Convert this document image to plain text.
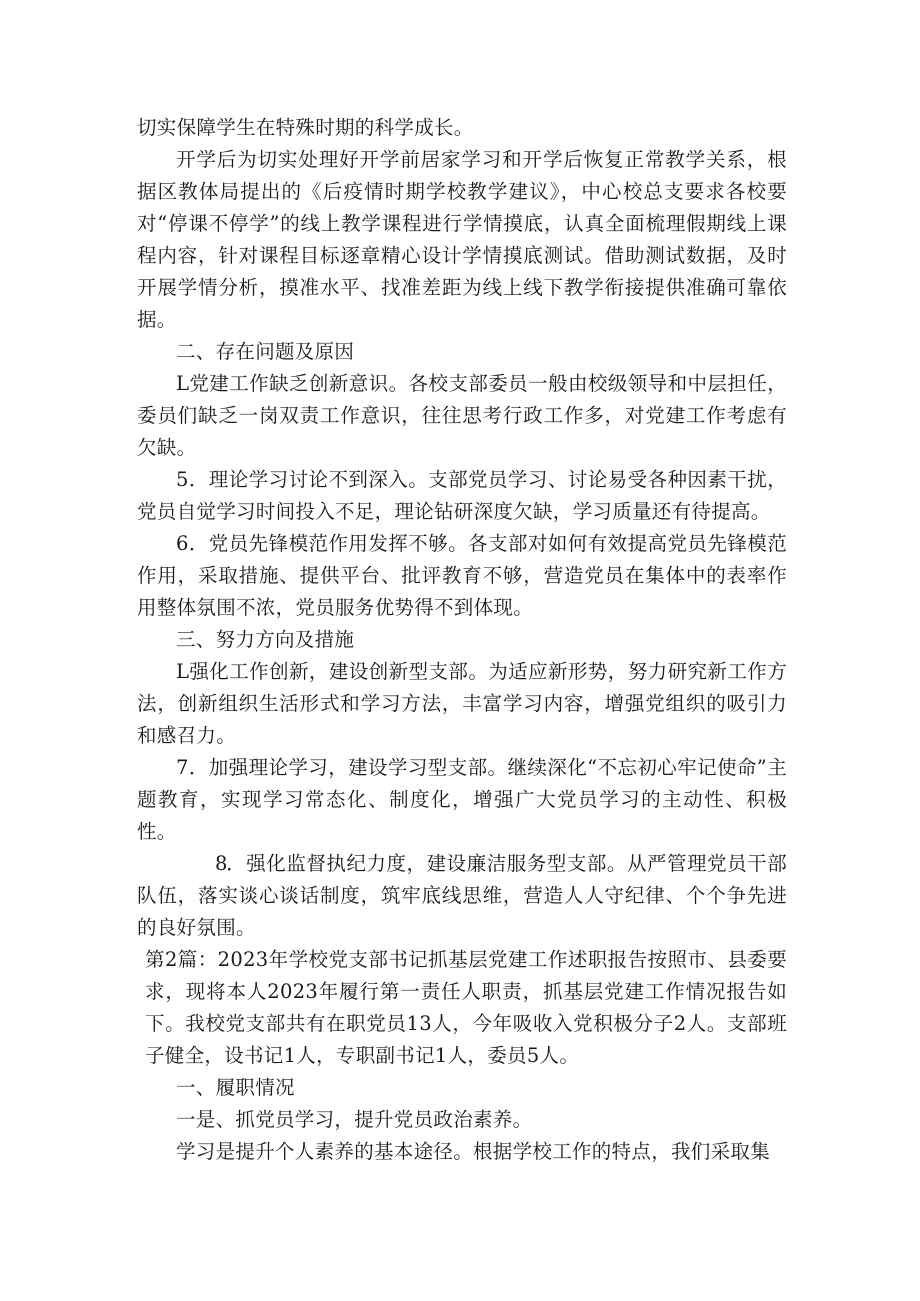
切实保障学生在特殊时期的科学成长。

开学后为切实处理好开学前居家学习和开学后恢复正常教学关系，根据区教体局提出的《后疫情时期学校教学建议》，中心校总支要求各校要对“停课不停学”的线上教学课程进行学情摸底，认真全面梳理假期线上课程内容，针对课程目标逐章精心设计学情摸底测试。借助测试数据，及时开展学情分析，摸准水平、找准差距为线上线下教学衔接提供准确可靠依据。

二、存在问题及原因

L党建工作缺乏创新意识。各校支部委员一般由校级领导和中层担任，委员们缺乏一岗双责工作意识，往往思考行政工作多，对党建工作考虑有欠缺。

5．理论学习讨论不到深入。支部党员学习、讨论易受各种因素干扰，党员自觉学习时间投入不足，理论钻研深度欠缺，学习质量还有待提高。

6．党员先锋模范作用发挥不够。各支部对如何有效提高党员先锋模范作用，采取措施、提供平台、批评教育不够，营造党员在集体中的表率作用整体氛围不浓，党员服务优势得不到体现。

三、努力方向及措施

L强化工作创新，建设创新型支部。为适应新形势，努力研究新工作方法，创新组织生活形式和学习方法，丰富学习内容，增强党组织的吸引力和感召力。

7．加强理论学习，建设学习型支部。继续深化“不忘初心牢记使命”主题教育，实现学习常态化、制度化，增强广大党员学习的主动性、积极性。

8．强化监督执纪力度，建设廉洁服务型支部。从严管理党员干部队伍，落实谈心谈话制度，筑牢底线思维，营造人人守纪律、个个争先进的良好氛围。

第2篇：2023年学校党支部书记抓基层党建工作述职报告按照市、县委要求，现将本人2023年履行第一责任人职责，抓基层党建工作情况报告如下。我校党支部共有在职党员13人，今年吸收入党积极分子2人。支部班子健全，设书记1人，专职副书记1人，委员5人。

一、履职情况

一是、抓党员学习，提升党员政治素养。

学习是提升个人素养的基本途径。根据学校工作的特点，我们采取集
